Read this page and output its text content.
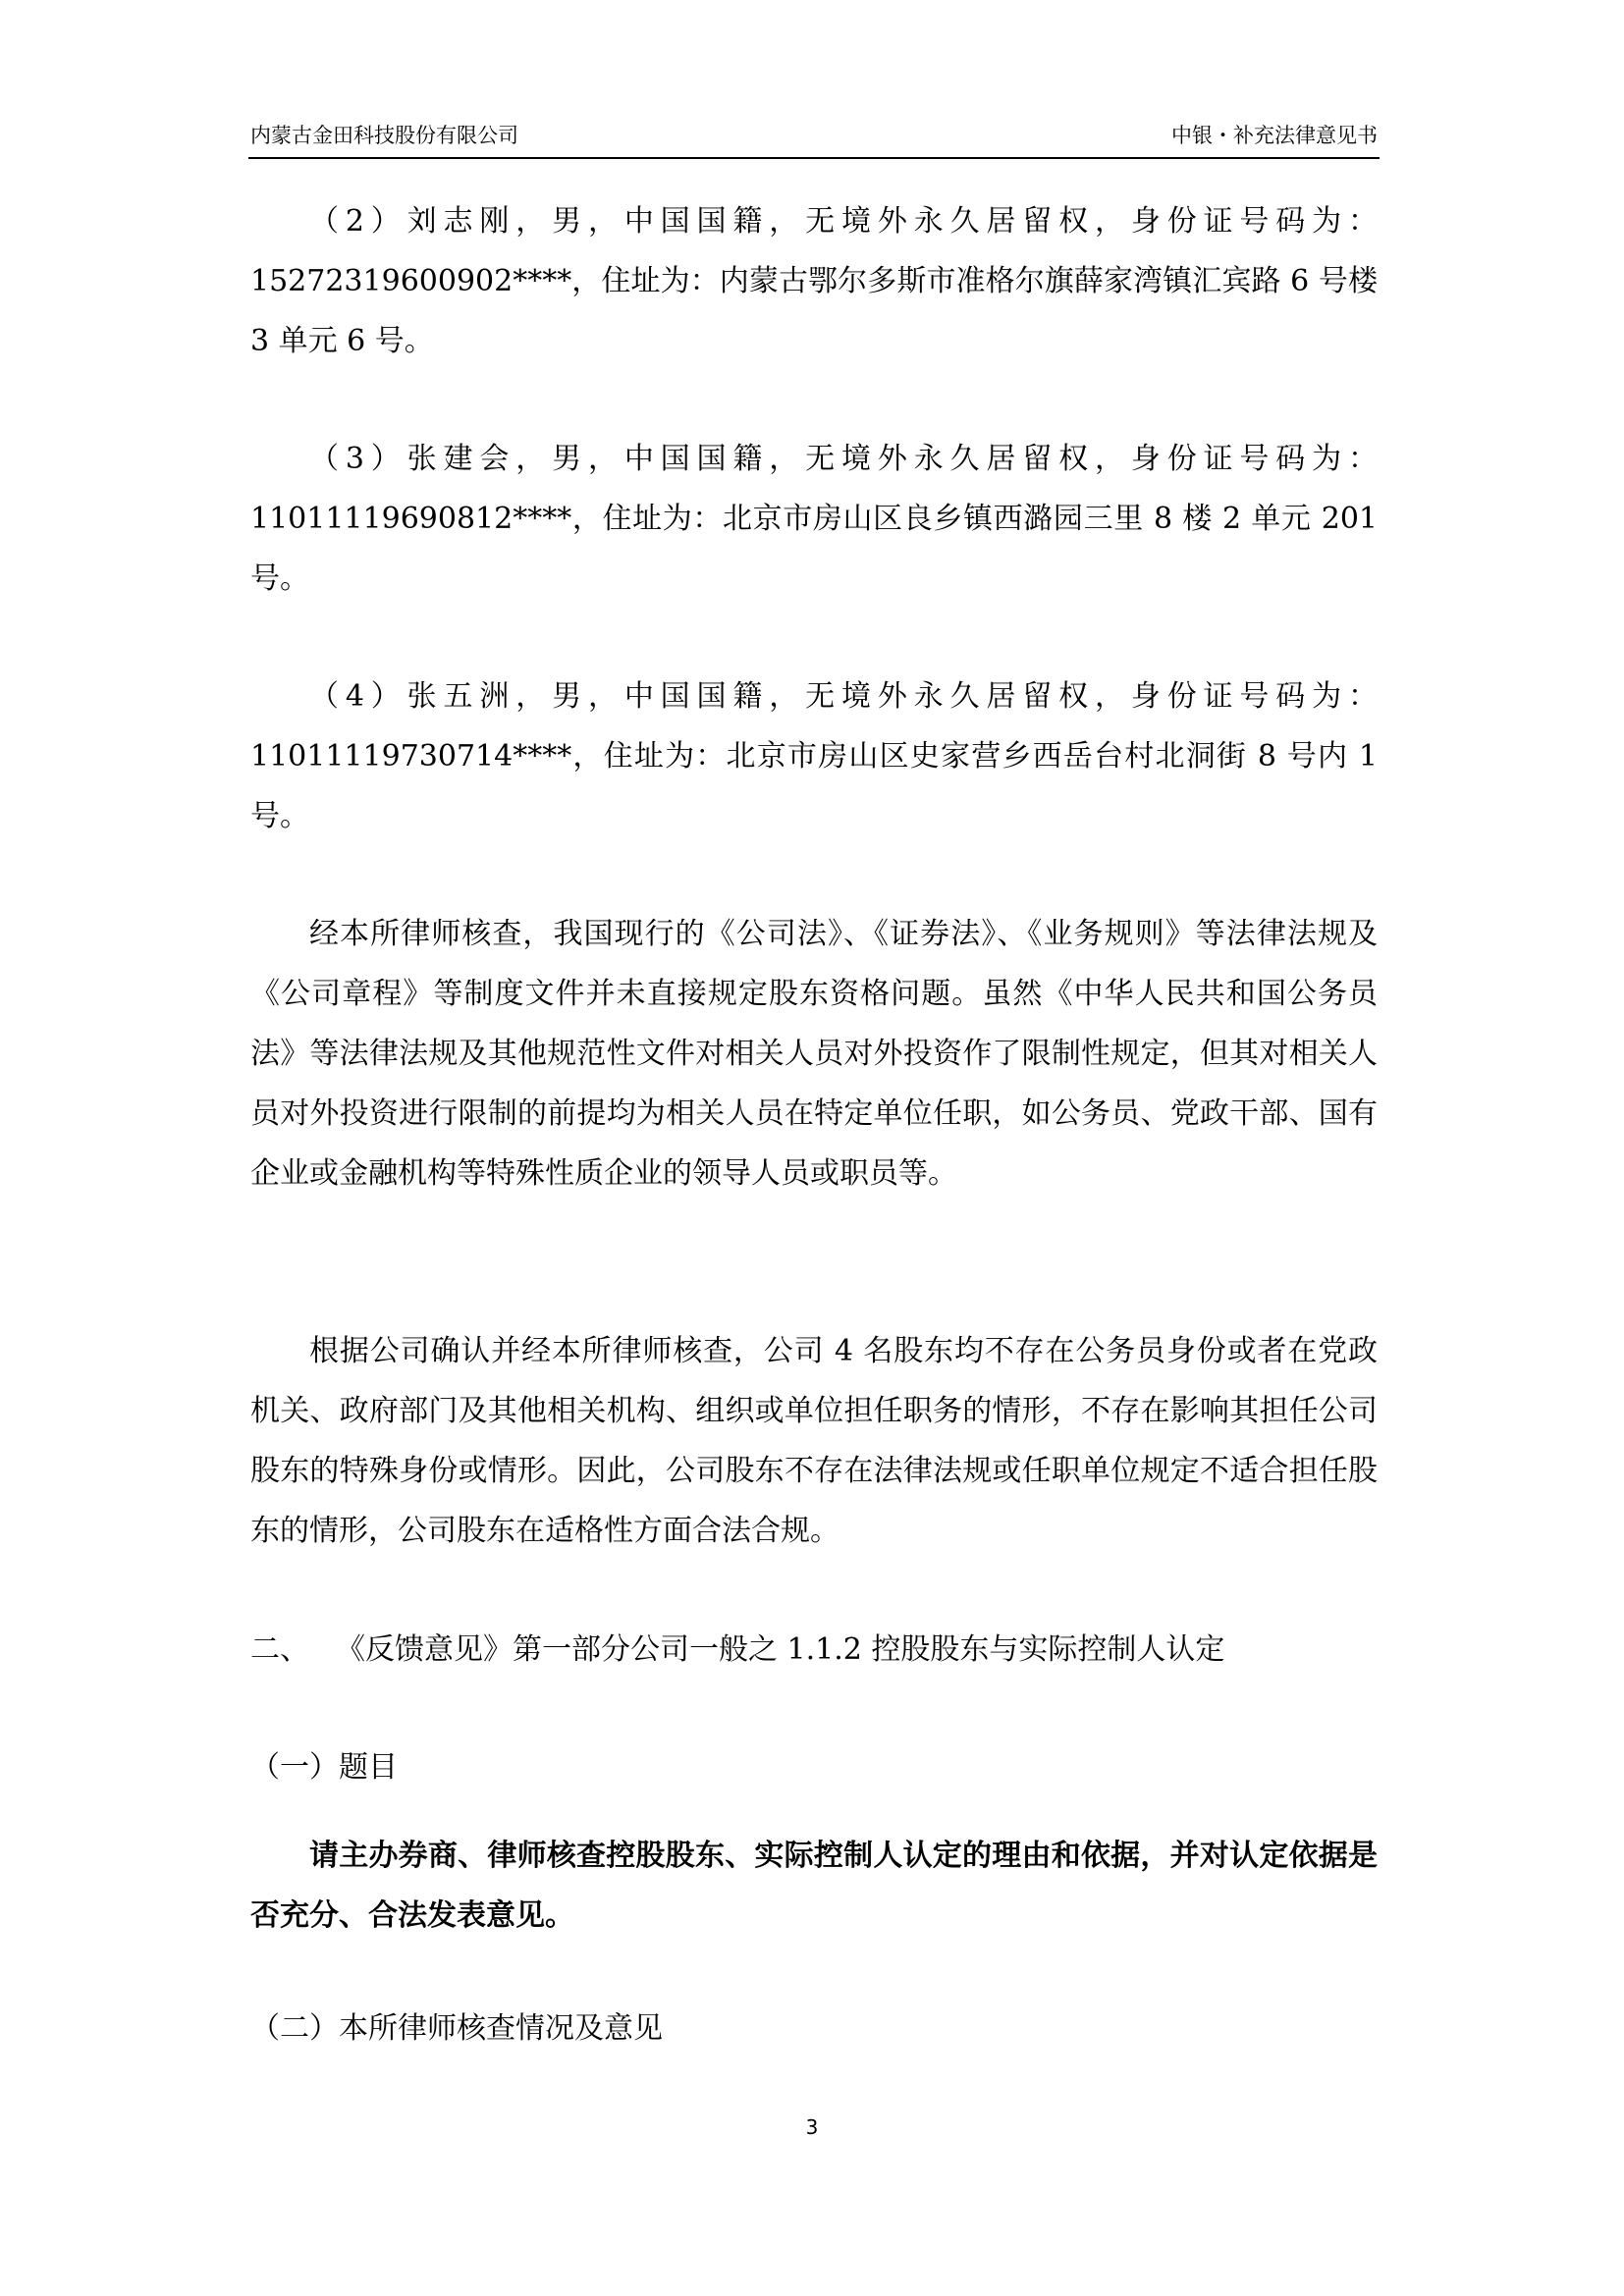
内蒙古金田科技股份有限公司	中银・补充法律意见书

（2）刘志刚，男，中国国籍，无境外永久居留权，身份证号码为：15272319600902****，住址为：内蒙古鄂尔多斯市准格尔旗薛家湾镇汇宾路 6 号楼 3 单元 6 号。

（3）张建会，男，中国国籍，无境外永久居留权，身份证号码为：11011119690812****，住址为：北京市房山区良乡镇西潞园三里 8 楼 2 单元 201 号。

（4）张五洲，男，中国国籍，无境外永久居留权，身份证号码为：11011119730714****，住址为：北京市房山区史家营乡西岳台村北洞街 8 号内 1 号。

经本所律师核查，我国现行的《公司法》、《证券法》、《业务规则》等法律法规及《公司章程》等制度文件并未直接规定股东资格问题。虽然《中华人民共和国公务员法》等法律法规及其他规范性文件对相关人员对外投资作了限制性规定，但其对相关人员对外投资进行限制的前提均为相关人员在特定单位任职，如公务员、党政干部、国有企业或金融机构等特殊性质企业的领导人员或职员等。

根据公司确认并经本所律师核查，公司 4 名股东均不存在公务员身份或者在党政机关、政府部门及其他相关机构、组织或单位担任职务的情形，不存在影响其担任公司股东的特殊身份或情形。因此，公司股东不存在法律法规或任职单位规定不适合担任股东的情形，公司股东在适格性方面合法合规。

二、 《反馈意见》第一部分公司一般之 1.1.2 控股股东与实际控制人认定
（一）题目

请主办券商、律师核查控股股东、实际控制人认定的理由和依据，并对认定依据是否充分、合法发表意见。

（二）本所律师核查情况及意见
3
